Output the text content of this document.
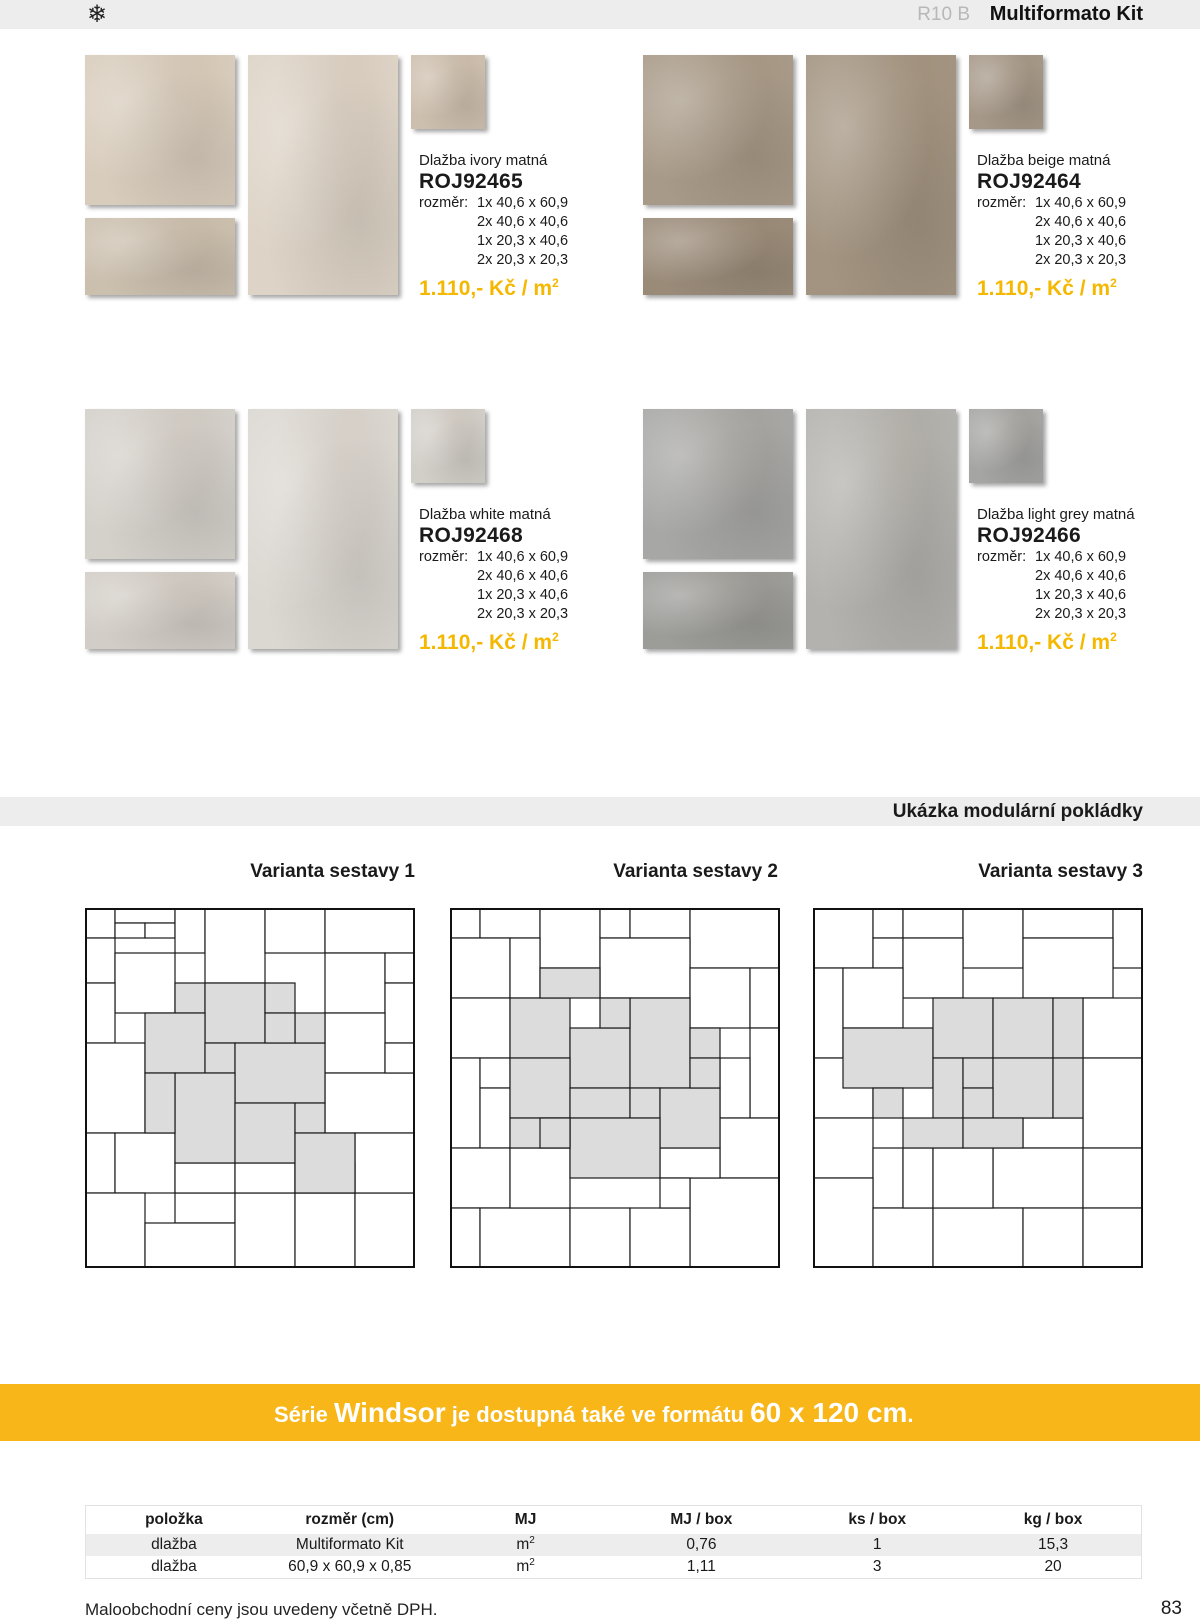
❄	R10 B Multiformato Kit
Dlažba ivory matná
ROJ92465
rozměr: 1x 40,6 x 60,9
2x 40,6 x 40,6
1x 20,3 x 40,6
2x 20,3 x 20,3
1.110,- Kč / $m^2$
Dlažba beige matná
ROJ92464
rozměr: 1x 40,6 x 60,9
2x 40,6 x 40,6
1x 20,3 x 40,6
2x 20,3 x 20,3
1.110,- Kč / $m^2$
Dlažba white matná
ROJ92468
rozměr: 1x 40,6 x 60,9
2x 40,6 x 40,6
1x 20,3 x 40,6
2x 20,3 x 20,3
1.110,- Kč / $m^2$
Dlažba light grey matná
ROJ92466
rozměr: 1x 40,6 x 60,9
2x 40,6 x 40,6
1x 20,3 x 40,6
2x 20,3 x 20,3
1.110,- Kč / $m^2$
Ukázka modulární pokládky
Varianta sestavy 1	Varianta sestavy 2	Varianta sestavy 3
Série Windsor je dostupná také ve formátu 60 x 120 cm.
položka	rozměr (cm)	MJ	MJ / box	ks / box	kg / box
dlažba	Multiformato Kit	$m^2$	0,76	1	15,3
dlažba	60,9 x 60,9 x 0,85	$m^2$	1,11	3	20
Maloobchodní ceny jsou uvedeny včetně DPH.	83
